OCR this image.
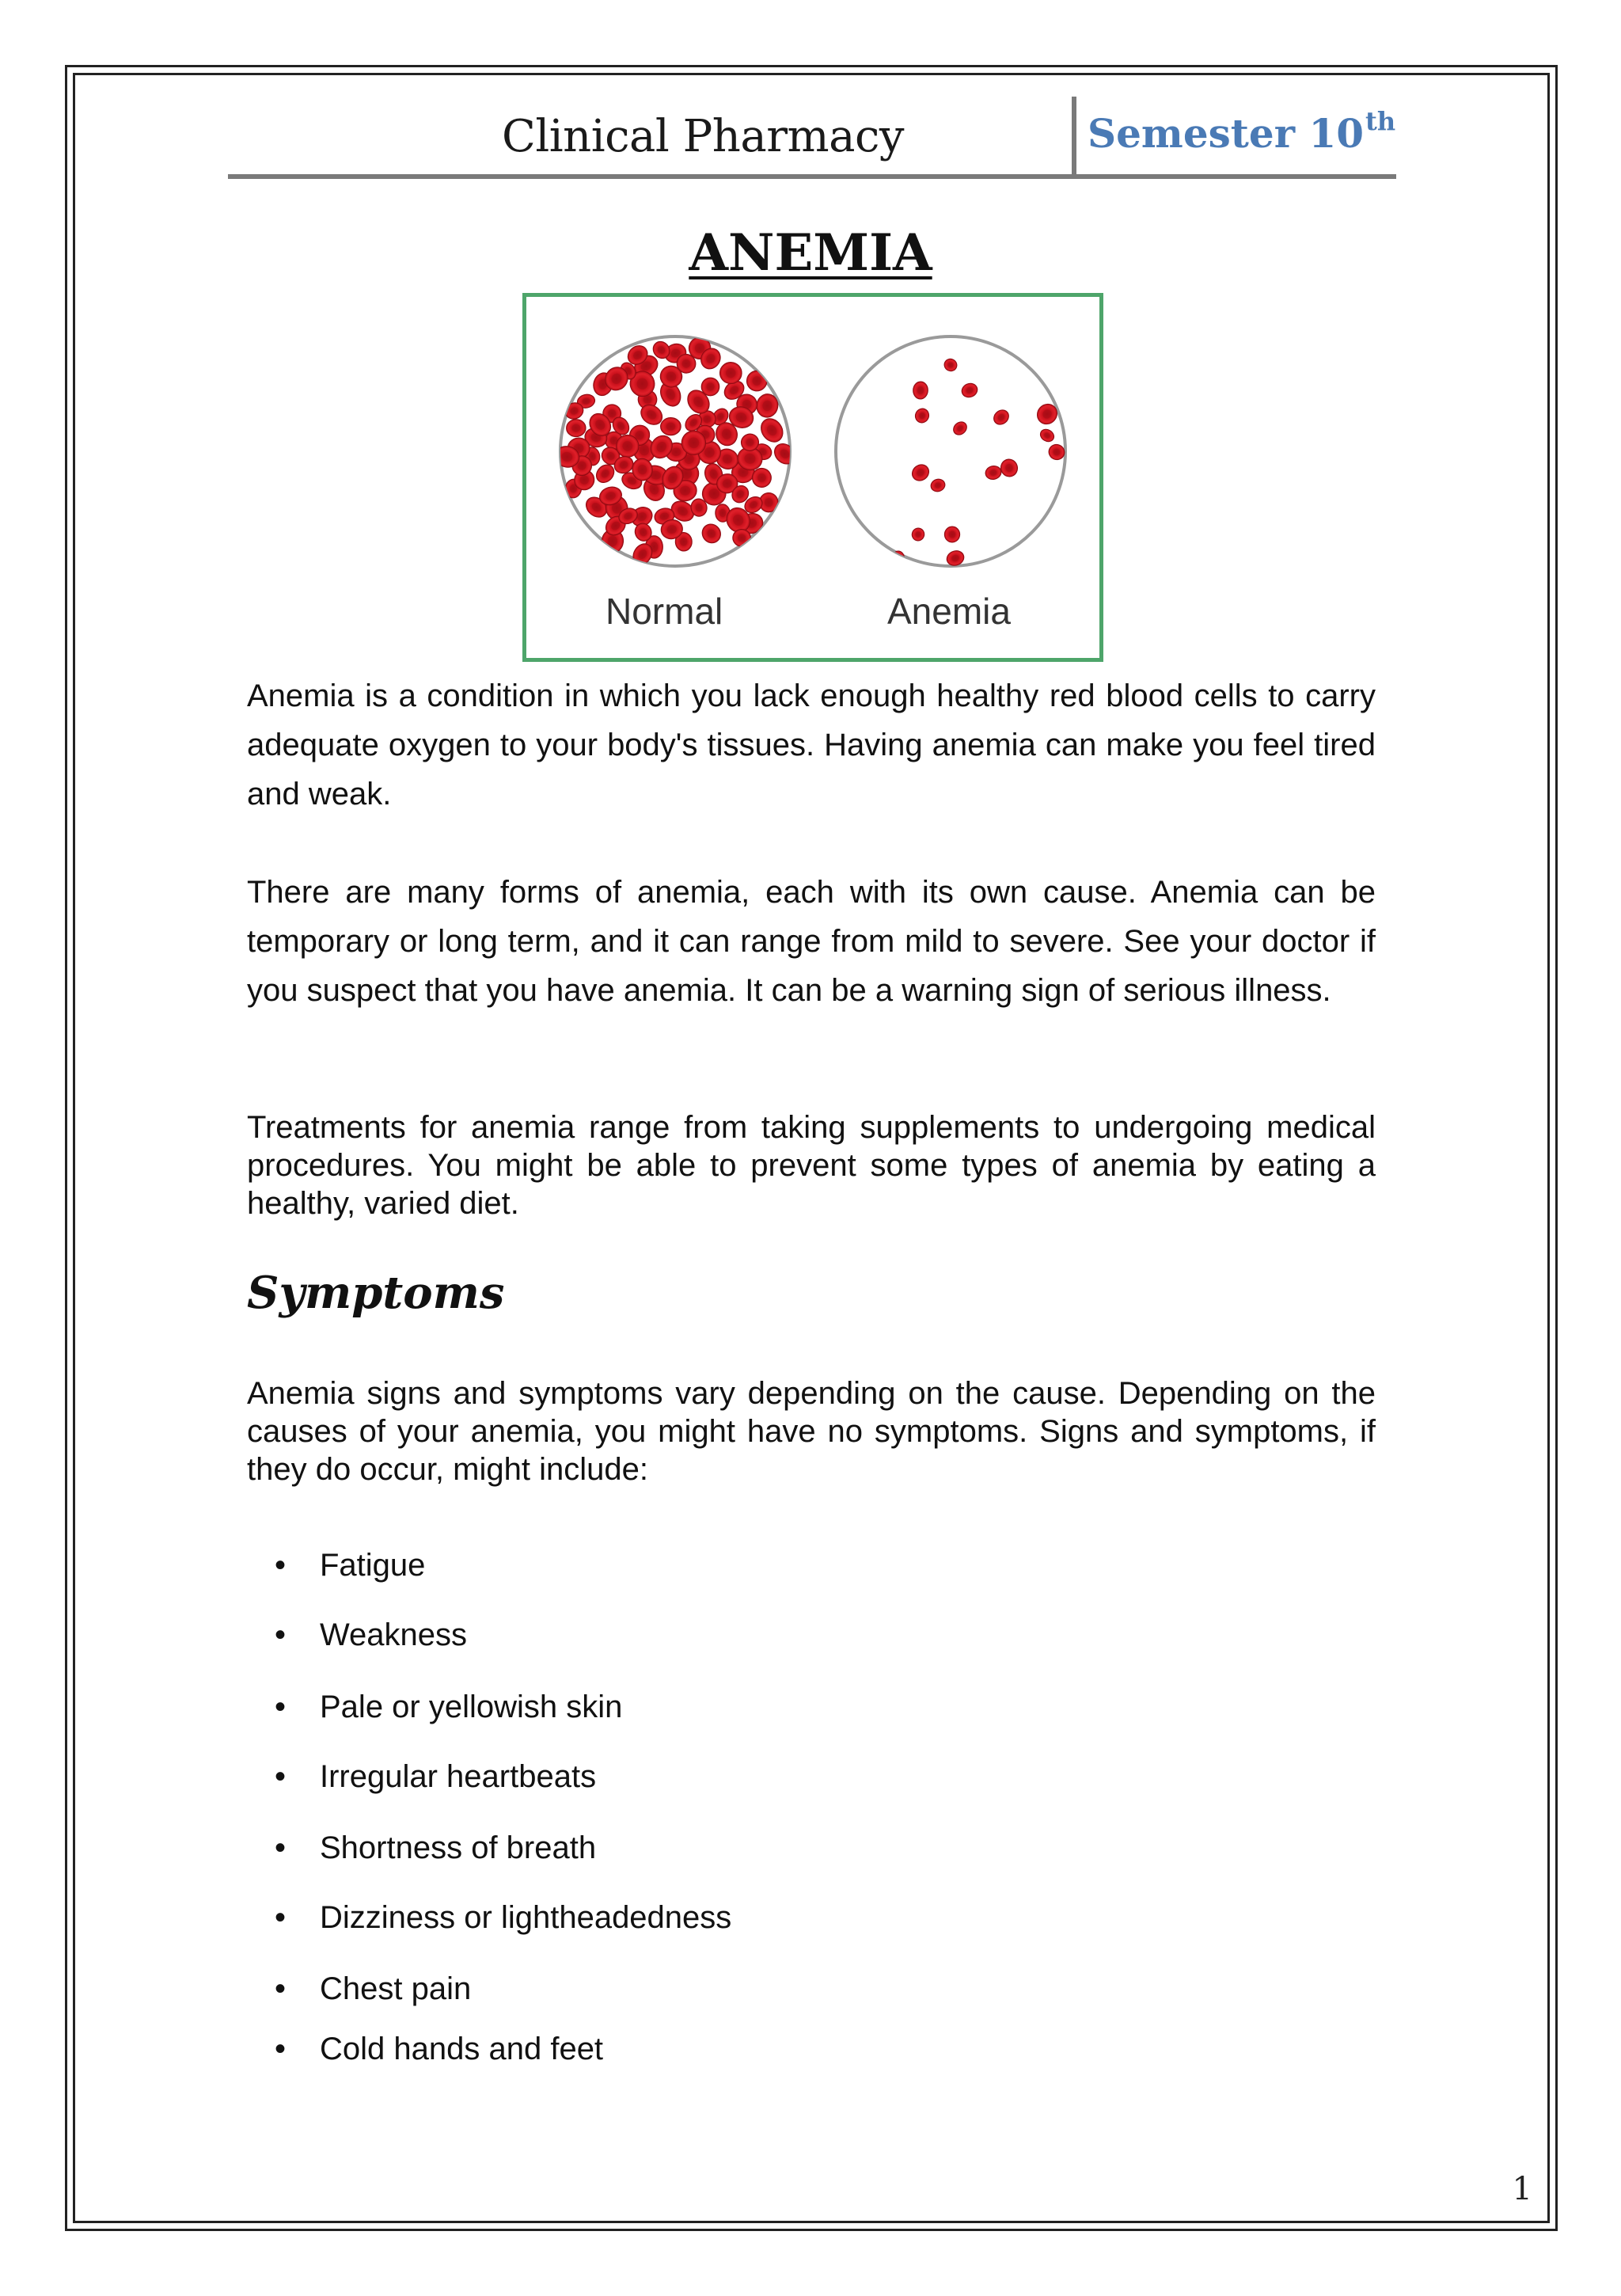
Clinical Pharmacy	Semester 10th
ANEMIA
Normal	Anemia

Anemia is a condition in which you lack enough healthy red blood cells to carry adequate oxygen to your body's tissues. Having anemia can make you feel tired and weak.

There are many forms of anemia, each with its own cause. Anemia can be temporary or long term, and it can range from mild to severe. See your doctor if you suspect that you have anemia. It can be a warning sign of serious illness.

Treatments for anemia range from taking supplements to undergoing medical procedures. You might be able to prevent some types of anemia by eating a healthy, varied diet.

Symptoms

Anemia signs and symptoms vary depending on the cause. Depending on the causes of your anemia, you might have no symptoms. Signs and symptoms, if they do occur, might include:

• Fatigue
• Weakness
• Pale or yellowish skin
• Irregular heartbeats
• Shortness of breath
• Dizziness or lightheadedness
• Chest pain
• Cold hands and feet
1
